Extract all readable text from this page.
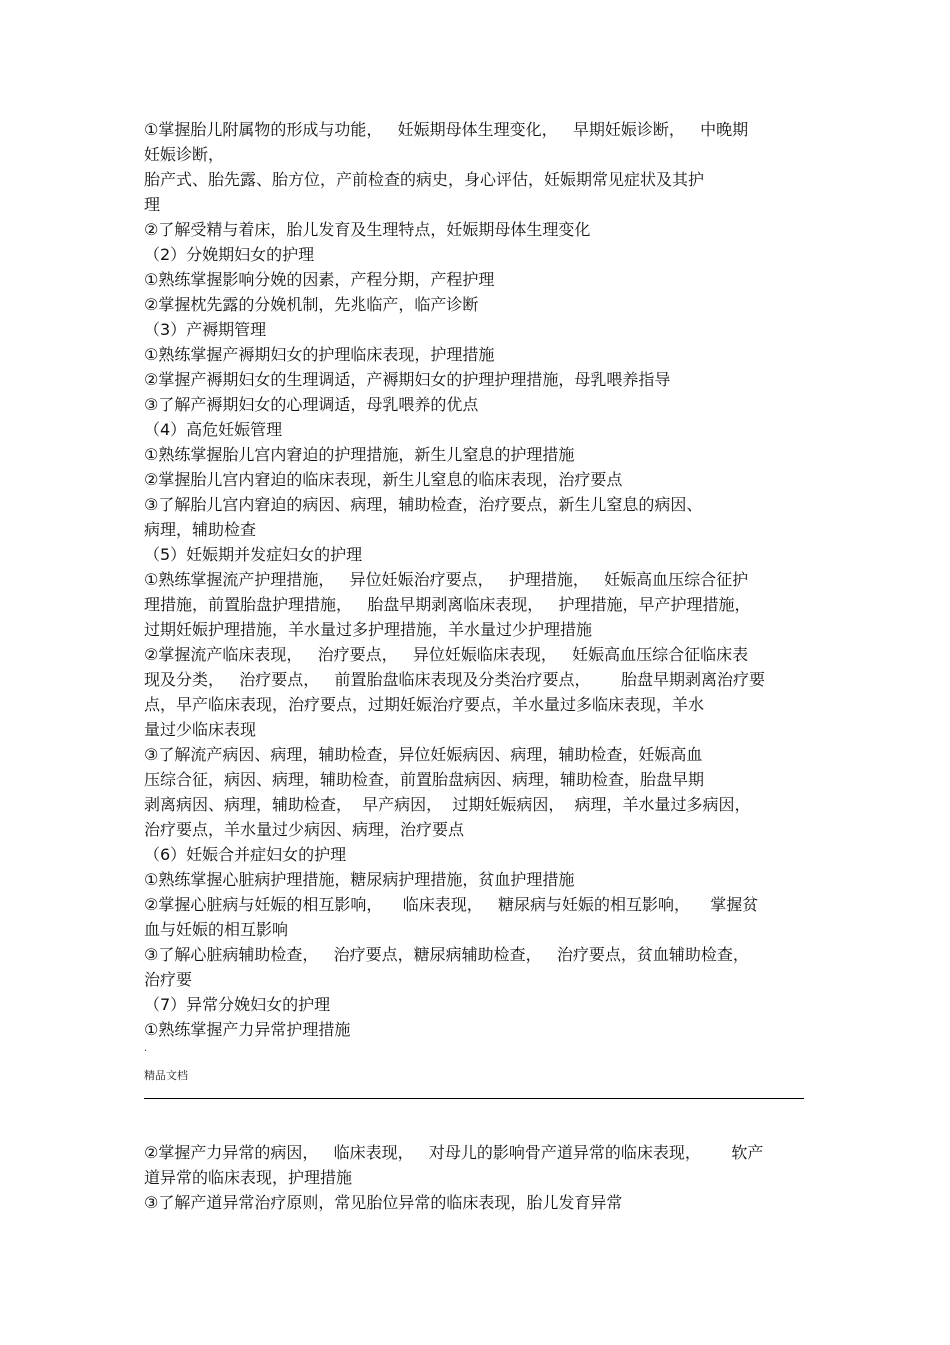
①掌握胎儿附属物的形成与功能，   妊娠期母体生理变化，   早期妊娠诊断，   中晚期
妊娠诊断，
胎产式、胎先露、胎方位，产前检查的病史，身心评估，妊娠期常见症状及其护
理
②了解受精与着床，胎儿发育及生理特点，妊娠期母体生理变化
（2）分娩期妇女的护理
①熟练掌握影响分娩的因素，产程分期，产程护理
②掌握枕先露的分娩机制，先兆临产，临产诊断
（3）产褥期管理
①熟练掌握产褥期妇女的护理临床表现，护理措施
②掌握产褥期妇女的生理调适，产褥期妇女的护理护理措施，母乳喂养指导
③了解产褥期妇女的心理调适，母乳喂养的优点
（4）高危妊娠管理
①熟练掌握胎儿宫内窘迫的护理措施，新生儿窒息的护理措施
②掌握胎儿宫内窘迫的临床表现，新生儿窒息的临床表现，治疗要点
③了解胎儿宫内窘迫的病因、病理，辅助检查，治疗要点，新生儿窒息的病因、
病理，辅助检查
（5）妊娠期并发症妇女的护理
①熟练掌握流产护理措施，   异位妊娠治疗要点，   护理措施，   妊娠高血压综合征护
理措施，前置胎盘护理措施，   胎盘早期剥离临床表现，   护理措施，早产护理措施，
过期妊娠护理措施，羊水量过多护理措施，羊水量过少护理措施
②掌握流产临床表现，   治疗要点，   异位妊娠临床表现，   妊娠高血压综合征临床表
现及分类，   治疗要点，   前置胎盘临床表现及分类治疗要点，      胎盘早期剥离治疗要
点，早产临床表现，治疗要点，过期妊娠治疗要点，羊水量过多临床表现，羊水
量过少临床表现
③了解流产病因、病理，辅助检查，异位妊娠病因、病理，辅助检查，妊娠高血
压综合征，病因、病理，辅助检查，前置胎盘病因、病理，辅助检查，胎盘早期
剥离病因、病理，辅助检查，  早产病因，  过期妊娠病因，  病理，羊水量过多病因，
治疗要点，羊水量过少病因、病理，治疗要点
（6）妊娠合并症妇女的护理
①熟练掌握心脏病护理措施，糖尿病护理措施，贫血护理措施
②掌握心脏病与妊娠的相互影响，    临床表现，   糖尿病与妊娠的相互影响，    掌握贫
血与妊娠的相互影响
③了解心脏病辅助检查，   治疗要点，糖尿病辅助检查，   治疗要点，贫血辅助检查，
治疗要
（7）异常分娩妇女的护理
①熟练掌握产力异常护理措施
.
精品文档
②掌握产力异常的病因，   临床表现，   对母儿的影响骨产道异常的临床表现，      软产
道异常的临床表现，护理措施
③了解产道异常治疗原则，常见胎位异常的临床表现，胎儿发育异常
